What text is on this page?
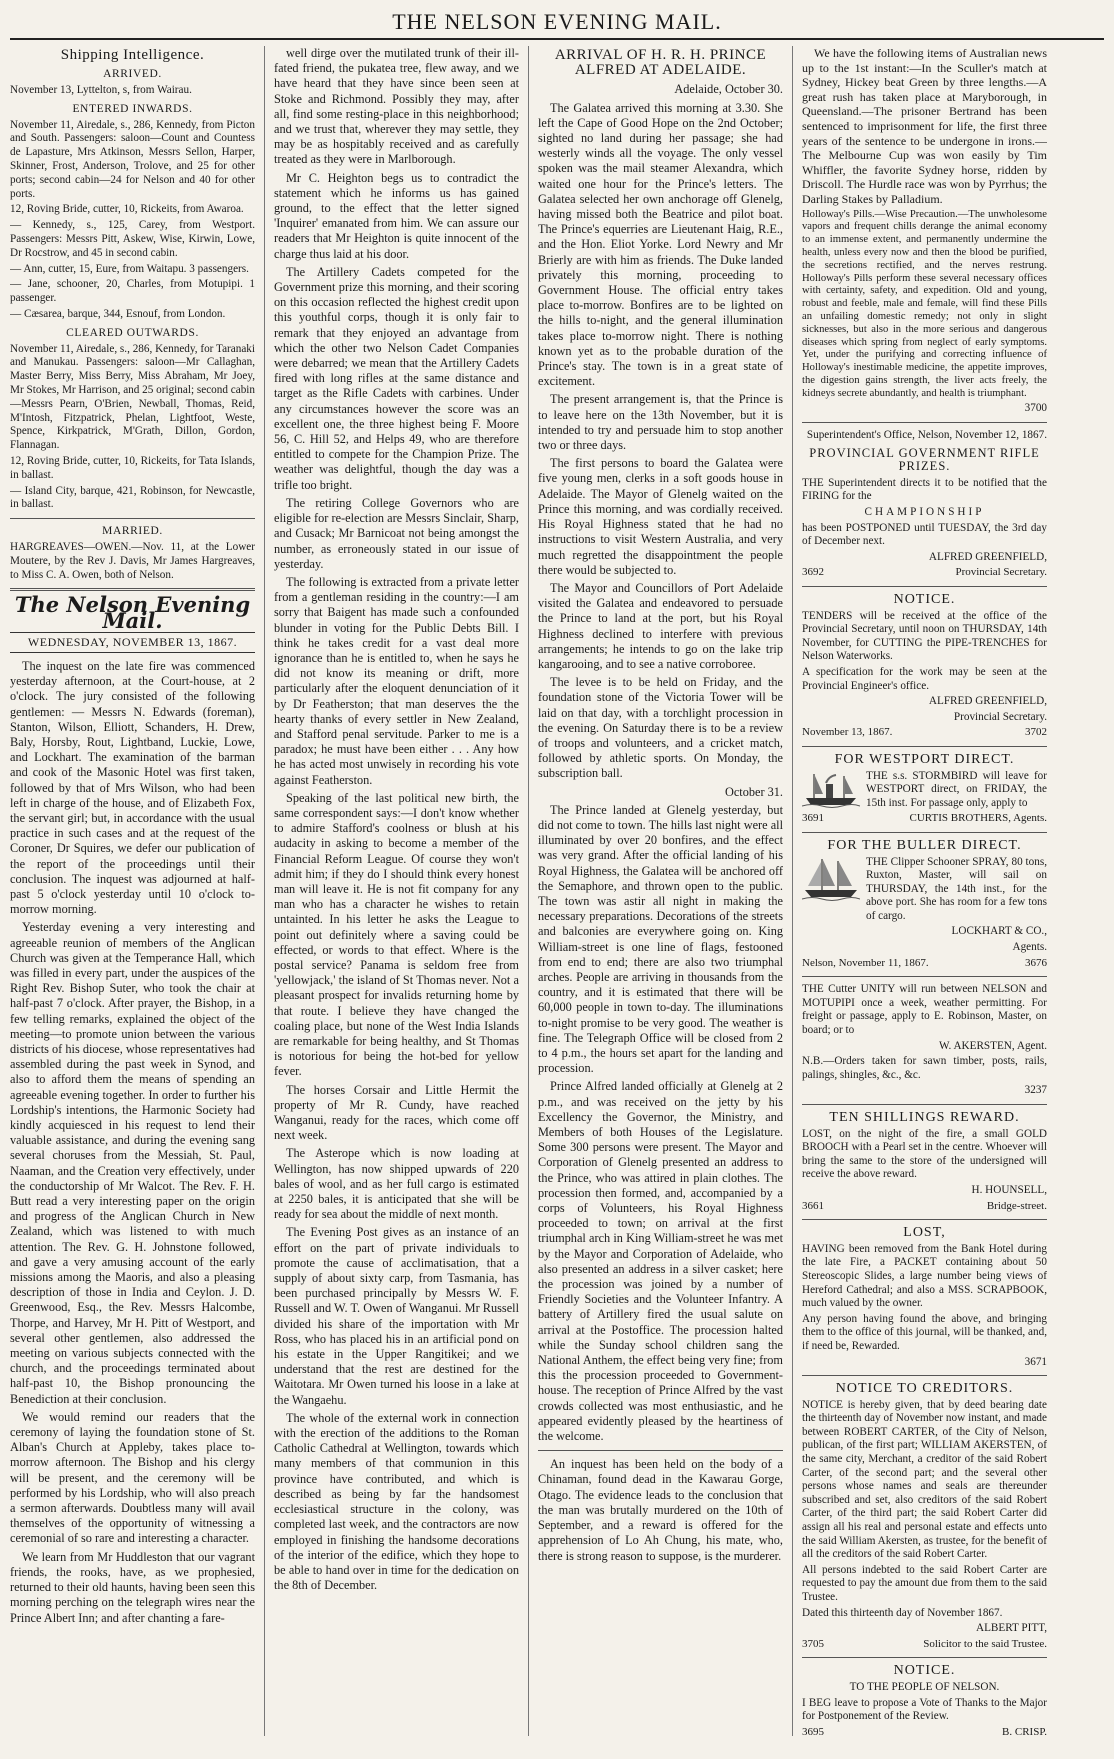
THE NELSON EVENING MAIL.
Shipping Intelligence.
ARRIVED.

November 13, Lyttelton, s, from Wairau.

ENTERED INWARDS.

November 11, Airedale, s., 286, Kennedy, from Picton and South. Passengers: saloon—Count and Countess de Lapasture, Mrs Atkinson, Messrs Sellon, Harper, Skinner, Frost, Anderson, Trolove, and 25 for other ports; second cabin—24 for Nelson and 40 for other ports.

12, Roving Bride, cutter, 10, Rickeits, from Awaroa.

— Kennedy, s., 125, Carey, from Westport. Passengers: Messrs Pitt, Askew, Wise, Kirwin, Lowe, Dr Rocstrow, and 45 in second cabin.

— Ann, cutter, 15, Eure, from Waitapu. 3 passengers.

— Jane, schooner, 20, Charles, from Motupipi. 1 passenger.

— Cæsarea, barque, 344, Esnouf, from London.

CLEARED OUTWARDS.

November 11, Airedale, s., 286, Kennedy, for Taranaki and Manukau. Passengers: saloon—Mr Callaghan, Master Berry, Miss Berry, Miss Abraham, Mr Joey, Mr Stokes, Mr Harrison, and 25 original; second cabin—Messrs Pearn, O'Brien, Newball, Thomas, Reid, M'Intosh, Fitzpatrick, Phelan, Lightfoot, Weste, Spence, Kirkpatrick, M'Grath, Dillon, Gordon, Flannagan.

12, Roving Bride, cutter, 10, Rickeits, for Tata Islands, in ballast.

— Island City, barque, 421, Robinson, for Newcastle, in ballast.

MARRIED.

HARGREAVES—OWEN.—Nov. 11, at the Lower Moutere, by the Rev J. Davis, Mr James Hargreaves, to Miss C. A. Owen, both of Nelson.

The Nelson Evening Mail.
WEDNESDAY, NOVEMBER 13, 1867.

The inquest on the late fire was commenced yesterday afternoon, at the Court-house, at 2 o'clock. The jury consisted of the following gentlemen: — Messrs N. Edwards (foreman), Stanton, Wilson, Elliott, Schanders, H. Drew, Baly, Horsby, Rout, Lightband, Luckie, Lowe, and Lockhart. The examination of the barman and cook of the Masonic Hotel was first taken, followed by that of Mrs Wilson, who had been left in charge of the house, and of Elizabeth Fox, the servant girl; but, in accordance with the usual practice in such cases and at the request of the Coroner, Dr Squires, we defer our publication of the report of the proceedings until their conclusion. The inquest was adjourned at half-past 5 o'clock yesterday until 10 o'clock to-morrow morning.

Yesterday evening a very interesting and agreeable reunion of members of the Anglican Church was given at the Temperance Hall, which was filled in every part, under the auspices of the Right Rev. Bishop Suter, who took the chair at half-past 7 o'clock. After prayer, the Bishop, in a few telling remarks, explained the object of the meeting—to promote union between the various districts of his diocese, whose representatives had assembled during the past week in Synod, and also to afford them the means of spending an agreeable evening together. In order to further his Lordship's intentions, the Harmonic Society had kindly acquiesced in his request to lend their valuable assistance, and during the evening sang several choruses from the Messiah, St. Paul, Naaman, and the Creation very effectively, under the conductorship of Mr Walcot. The Rev. F. H. Butt read a very interesting paper on the origin and progress of the Anglican Church in New Zealand, which was listened to with much attention. The Rev. G. H. Johnstone followed, and gave a very amusing account of the early missions among the Maoris, and also a pleasing description of those in India and Ceylon. J. D. Greenwood, Esq., the Rev. Messrs Halcombe, Thorpe, and Harvey, Mr H. Pitt of Westport, and several other gentlemen, also addressed the meeting on various subjects connected with the church, and the proceedings terminated about half-past 10, the Bishop pronouncing the Benediction at their conclusion.

We would remind our readers that the ceremony of laying the foundation stone of St. Alban's Church at Appleby, takes place to-morrow afternoon. The Bishop and his clergy will be present, and the ceremony will be performed by his Lordship, who will also preach a sermon afterwards. Doubtless many will avail themselves of the opportunity of witnessing a ceremonial of so rare and interesting a character.

We learn from Mr Huddleston that our vagrant friends, the rooks, have, as we prophesied, returned to their old haunts, having been seen this morning perching on the telegraph wires near the Prince Albert Inn; and after chanting a fare-

well dirge over the mutilated trunk of their ill-fated friend, the pukatea tree, flew away, and we have heard that they have since been seen at Stoke and Richmond. Possibly they may, after all, find some resting-place in this neighborhood; and we trust that, wherever they may settle, they may be as hospitably received and as carefully treated as they were in Marlborough.

Mr C. Heighton begs us to contradict the statement which he informs us has gained ground, to the effect that the letter signed 'Inquirer' emanated from him. We can assure our readers that Mr Heighton is quite innocent of the charge thus laid at his door.

The Artillery Cadets competed for the Government prize this morning, and their scoring on this occasion reflected the highest credit upon this youthful corps, though it is only fair to remark that they enjoyed an advantage from which the other two Nelson Cadet Companies were debarred; we mean that the Artillery Cadets fired with long rifles at the same distance and target as the Rifle Cadets with carbines. Under any circumstances however the score was an excellent one, the three highest being F. Moore 56, C. Hill 52, and Helps 49, who are therefore entitled to compete for the Champion Prize. The weather was delightful, though the day was a trifle too bright.

The retiring College Governors who are eligible for re-election are Messrs Sinclair, Sharp, and Cusack; Mr Barnicoat not being amongst the number, as erroneously stated in our issue of yesterday.

The following is extracted from a private letter from a gentleman residing in the country:—I am sorry that Baigent has made such a confounded blunder in voting for the Public Debts Bill. I think he takes credit for a vast deal more ignorance than he is entitled to, when he says he did not know its meaning or drift, more particularly after the eloquent denunciation of it by Dr Featherston; that man deserves the the hearty thanks of every settler in New Zealand, and Stafford penal servitude. Parker to me is a paradox; he must have been either . . . Any how he has acted most unwisely in recording his vote against Featherston.

Speaking of the last political new birth, the same correspondent says:—I don't know whether to admire Stafford's coolness or blush at his audacity in asking to become a member of the Financial Reform League. Of course they won't admit him; if they do I should think every honest man will leave it. He is not fit company for any man who has a character he wishes to retain untainted. In his letter he asks the League to point out definitely where a saving could be effected, or words to that effect. Where is the postal service? Panama is seldom free from 'yellowjack,' the island of St Thomas never. Not a pleasant prospect for invalids returning home by that route. I believe they have changed the coaling place, but none of the West India Islands are remarkable for being healthy, and St Thomas is notorious for being the hot-bed for yellow fever.

The horses Corsair and Little Hermit the property of Mr R. Cundy, have reached Wanganui, ready for the races, which come off next week.

The Asterope which is now loading at Wellington, has now shipped upwards of 220 bales of wool, and as her full cargo is estimated at 2250 bales, it is anticipated that she will be ready for sea about the middle of next month.

The Evening Post gives as an instance of an effort on the part of private individuals to promote the cause of acclimatisation, that a supply of about sixty carp, from Tasmania, has been purchased principally by Messrs W. F. Russell and W. T. Owen of Wanganui. Mr Russell divided his share of the importation with Mr Ross, who has placed his in an artificial pond on his estate in the Upper Rangitikei; and we understand that the rest are destined for the Waitotara. Mr Owen turned his loose in a lake at the Wangaehu.

The whole of the external work in connection with the erection of the additions to the Roman Catholic Cathedral at Wellington, towards which many members of that communion in this province have contributed, and which is described as being by far the handsomest ecclesiastical structure in the colony, was completed last week, and the contractors are now employed in finishing the handsome decorations of the interior of the edifice, which they hope to be able to hand over in time for the dedication on the 8th of December.

ARRIVAL OF H. R. H. PRINCE ALFRED AT ADELAIDE.

Adelaide, October 30.

The Galatea arrived this morning at 3.30. She left the Cape of Good Hope on the 2nd October; sighted no land during her passage; she had westerly winds all the voyage. The only vessel spoken was the mail steamer Alexandra, which waited one hour for the Prince's letters. The Galatea selected her own anchorage off Glenelg, having missed both the Beatrice and pilot boat. The Prince's equerries are Lieutenant Haig, R.E., and the Hon. Eliot Yorke. Lord Newry and Mr Brierly are with him as friends. The Duke landed privately this morning, proceeding to Government House. The official entry takes place to-morrow. Bonfires are to be lighted on the hills to-night, and the general illumination takes place to-morrow night. There is nothing known yet as to the probable duration of the Prince's stay. The town is in a great state of excitement.

The present arrangement is, that the Prince is to leave here on the 13th November, but it is intended to try and persuade him to stop another two or three days.

The first persons to board the Galatea were five young men, clerks in a soft goods house in Adelaide. The Mayor of Glenelg waited on the Prince this morning, and was cordially received. His Royal Highness stated that he had no instructions to visit Western Australia, and very much regretted the disappointment the people there would be subjected to.

The Mayor and Councillors of Port Adelaide visited the Galatea and endeavored to persuade the Prince to land at the port, but his Royal Highness declined to interfere with previous arrangements; he intends to go on the lake trip kangarooing, and to see a native corroboree.

The levee is to be held on Friday, and the foundation stone of the Victoria Tower will be laid on that day, with a torchlight procession in the evening. On Saturday there is to be a review of troops and volunteers, and a cricket match, followed by athletic sports. On Monday, the subscription ball.

October 31.

The Prince landed at Glenelg yesterday, but did not come to town. The hills last night were all illuminated by over 20 bonfires, and the effect was very grand. After the official landing of his Royal Highness, the Galatea will be anchored off the Semaphore, and thrown open to the public. The town was astir all night in making the necessary preparations. Decorations of the streets and balconies are everywhere going on. King William-street is one line of flags, festooned from end to end; there are also two triumphal arches. People are arriving in thousands from the country, and it is estimated that there will be 60,000 people in town to-day. The illuminations to-night promise to be very good. The weather is fine. The Telegraph Office will be closed from 2 to 4 p.m., the hours set apart for the landing and procession.

Prince Alfred landed officially at Glenelg at 2 p.m., and was received on the jetty by his Excellency the Governor, the Ministry, and Members of both Houses of the Legislature. Some 300 persons were present. The Mayor and Corporation of Glenelg presented an address to the Prince, who was attired in plain clothes. The procession then formed, and, accompanied by a corps of Volunteers, his Royal Highness proceeded to town; on arrival at the first triumphal arch in King William-street he was met by the Mayor and Corporation of Adelaide, who also presented an address in a silver casket; here the procession was joined by a number of Friendly Societies and the Volunteer Infantry. A battery of Artillery fired the usual salute on arrival at the Postoffice. The procession halted while the Sunday school children sang the National Anthem, the effect being very fine; from this the procession proceeded to Government-house. The reception of Prince Alfred by the vast crowds collected was most enthusiastic, and he appeared evidently pleased by the heartiness of the welcome.

An inquest has been held on the body of a Chinaman, found dead in the Kawarau Gorge, Otago. The evidence leads to the conclusion that the man was brutally murdered on the 10th of September, and a reward is offered for the apprehension of Lo Ah Chung, his mate, who, there is strong reason to suppose, is the murderer.

We have the following items of Australian news up to the 1st instant:—In the Sculler's match at Sydney, Hickey beat Green by three lengths.—A great rush has taken place at Maryborough, in Queensland.—The prisoner Bertrand has been sentenced to imprisonment for life, the first three years of the sentence to be undergone in irons.—The Melbourne Cup was won easily by Tim Whiffler, the favorite Sydney horse, ridden by Driscoll. The Hurdle race was won by Pyrrhus; the Darling Stakes by Palladium.

Holloway's Pills.—Wise Precaution.—The unwholesome vapors and frequent chills derange the animal economy to an immense extent, and permanently undermine the health, unless every now and then the blood be purified, the secretions rectified, and the nerves restrung. Holloway's Pills perform these several necessary offices with certainty, safety, and expedition. Old and young, robust and feeble, male and female, will find these Pills an unfailing domestic remedy; not only in slight sicknesses, but also in the more serious and dangerous diseases which spring from neglect of early symptoms. Yet, under the purifying and correcting influence of Holloway's inestimable medicine, the appetite improves, the digestion gains strength, the liver acts freely, the kidneys secrete abundantly, and health is triumphant.

3700

Superintendent's Office, Nelson, November 12, 1867.

PROVINCIAL GOVERNMENT RIFLE PRIZES.

THE Superintendent directs it to be notified that the FIRING for the

CHAMPIONSHIP

has been POSTPONED until TUESDAY, the 3rd day of December next.

ALFRED GREENFIELD,

3692	Provincial Secretary.
NOTICE.

TENDERS will be received at the office of the Provincial Secretary, until noon on THURSDAY, 14th November, for CUTTING the PIPE-TRENCHES for Nelson Waterworks.

A specification for the work may be seen at the Provincial Engineer's office.

ALFRED GREENFIELD,

Provincial Secretary.

November 13, 1867.	3702
FOR WESTPORT DIRECT.

THE s.s. STORMBIRD will leave for WESTPORT direct, on FRIDAY, the 15th inst. For passage only, apply to

3691	CURTIS BROTHERS, Agents.
FOR THE BULLER DIRECT.

THE Clipper Schooner SPRAY, 80 tons, Ruxton, Master, will sail on THURSDAY, the 14th inst., for the above port. She has room for a few tons of cargo.

LOCKHART & CO.,

Agents.

Nelson, November 11, 1867.	3676

THE Cutter UNITY will run between NELSON and MOTUPIPI once a week, weather permitting. For freight or passage, apply to E. Robinson, Master, on board; or to

W. AKERSTEN, Agent.

N.B.—Orders taken for sawn timber, posts, rails, palings, shingles, &c., &c.

3237

TEN SHILLINGS REWARD.

LOST, on the night of the fire, a small GOLD BROOCH with a Pearl set in the centre. Whoever will bring the same to the store of the undersigned will receive the above reward.

H. HOUNSELL,

3661	Bridge-street.
LOST,

HAVING been removed from the Bank Hotel during the late Fire, a PACKET containing about 50 Stereoscopic Slides, a large number being views of Hereford Cathedral; and also a MSS. SCRAPBOOK, much valued by the owner.

Any person having found the above, and bringing them to the office of this journal, will be thanked, and, if need be, Rewarded.

3671

NOTICE TO CREDITORS.

NOTICE is hereby given, that by deed bearing date the thirteenth day of November now instant, and made between ROBERT CARTER, of the City of Nelson, publican, of the first part; WILLIAM AKERSTEN, of the same city, Merchant, a creditor of the said Robert Carter, of the second part; and the several other persons whose names and seals are thereunder subscribed and set, also creditors of the said Robert Carter, of the third part; the said Robert Carter did assign all his real and personal estate and effects unto the said William Akersten, as trustee, for the benefit of all the creditors of the said Robert Carter.

All persons indebted to the said Robert Carter are requested to pay the amount due from them to the said Trustee.

Dated this thirteenth day of November 1867.

ALBERT PITT,

3705	Solicitor to the said Trustee.
NOTICE.

TO THE PEOPLE OF NELSON.

I BEG leave to propose a Vote of Thanks to the Major for Postponement of the Review.

3695	B. CRISP.
